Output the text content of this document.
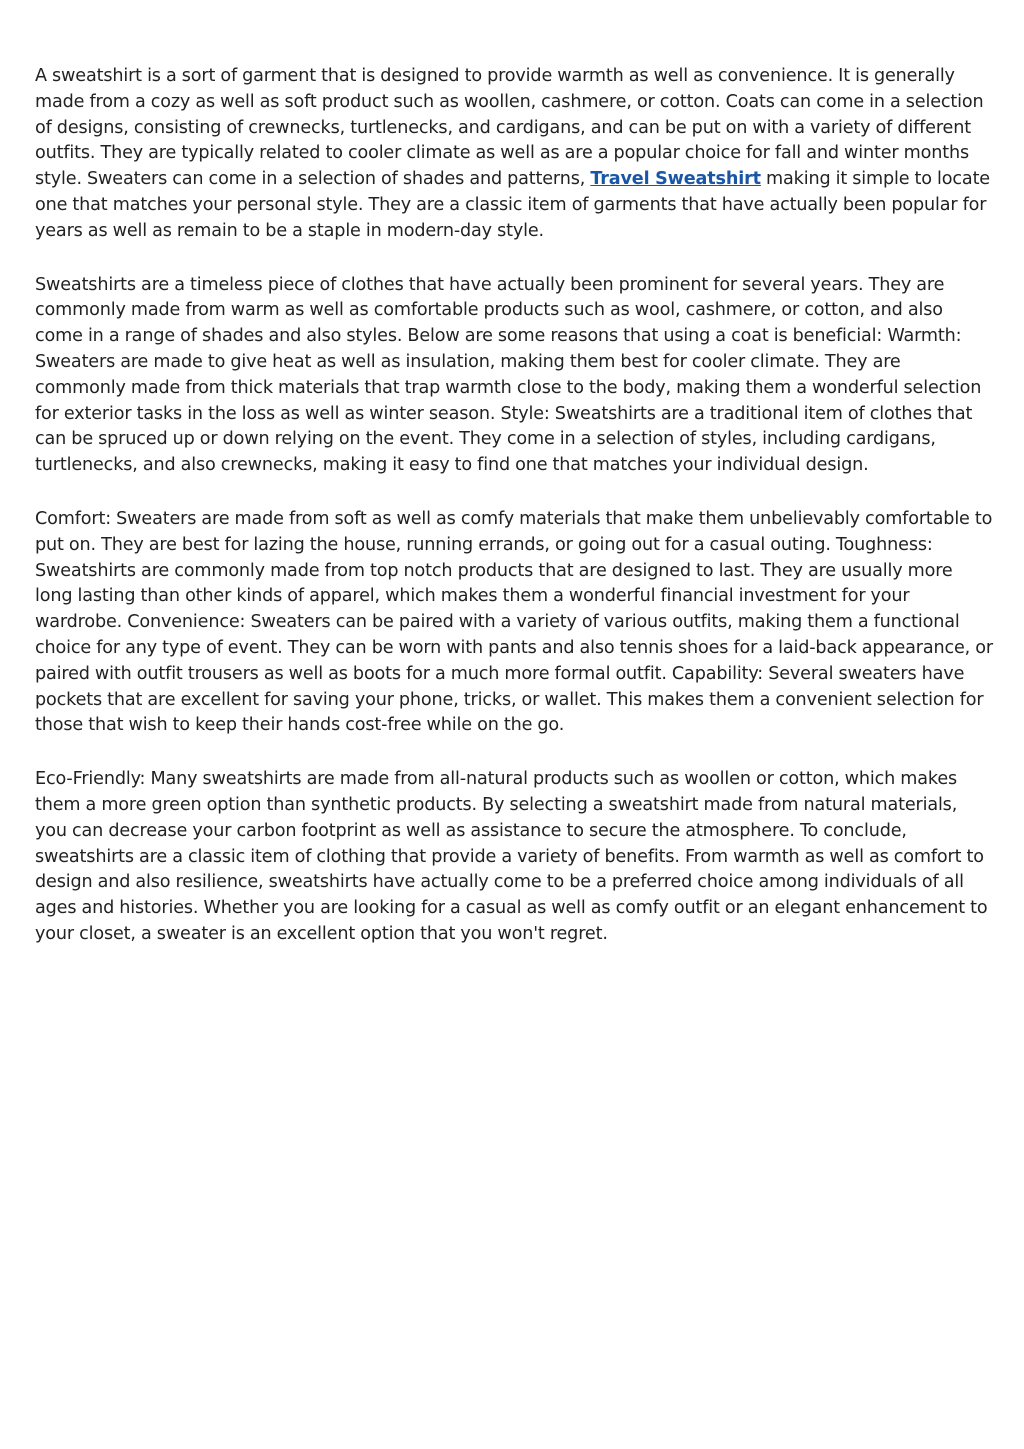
A sweatshirt is a sort of garment that is designed to provide warmth as well as convenience. It is generally made from a cozy as well as soft product such as woollen, cashmere, or cotton. Coats can come in a selection of designs, consisting of crewnecks, turtlenecks, and cardigans, and can be put on with a variety of different outfits. They are typically related to cooler climate as well as are a popular choice for fall and winter months style. Sweaters can come in a selection of shades and patterns, Travel Sweatshirt making it simple to locate one that matches your personal style. They are a classic item of garments that have actually been popular for years as well as remain to be a staple in modern-day style.

Sweatshirts are a timeless piece of clothes that have actually been prominent for several years. They are commonly made from warm as well as comfortable products such as wool, cashmere, or cotton, and also come in a range of shades and also styles. Below are some reasons that using a coat is beneficial: Warmth: Sweaters are made to give heat as well as insulation, making them best for cooler climate. They are commonly made from thick materials that trap warmth close to the body, making them a wonderful selection for exterior tasks in the loss as well as winter season. Style: Sweatshirts are a traditional item of clothes that can be spruced up or down relying on the event. They come in a selection of styles, including cardigans, turtlenecks, and also crewnecks, making it easy to find one that matches your individual design.

Comfort: Sweaters are made from soft as well as comfy materials that make them unbelievably comfortable to put on. They are best for lazing the house, running errands, or going out for a casual outing. Toughness: Sweatshirts are commonly made from top notch products that are designed to last. They are usually more long lasting than other kinds of apparel, which makes them a wonderful financial investment for your wardrobe. Convenience: Sweaters can be paired with a variety of various outfits, making them a functional choice for any type of event. They can be worn with pants and also tennis shoes for a laid-back appearance, or paired with outfit trousers as well as boots for a much more formal outfit. Capability: Several sweaters have pockets that are excellent for saving your phone, tricks, or wallet. This makes them a convenient selection for those that wish to keep their hands cost-free while on the go.

Eco-Friendly: Many sweatshirts are made from all-natural products such as woollen or cotton, which makes them a more green option than synthetic products. By selecting a sweatshirt made from natural materials, you can decrease your carbon footprint as well as assistance to secure the atmosphere. To conclude, sweatshirts are a classic item of clothing that provide a variety of benefits. From warmth as well as comfort to design and also resilience, sweatshirts have actually come to be a preferred choice among individuals of all ages and histories. Whether you are looking for a casual as well as comfy outfit or an elegant enhancement to your closet, a sweater is an excellent option that you won't regret.
